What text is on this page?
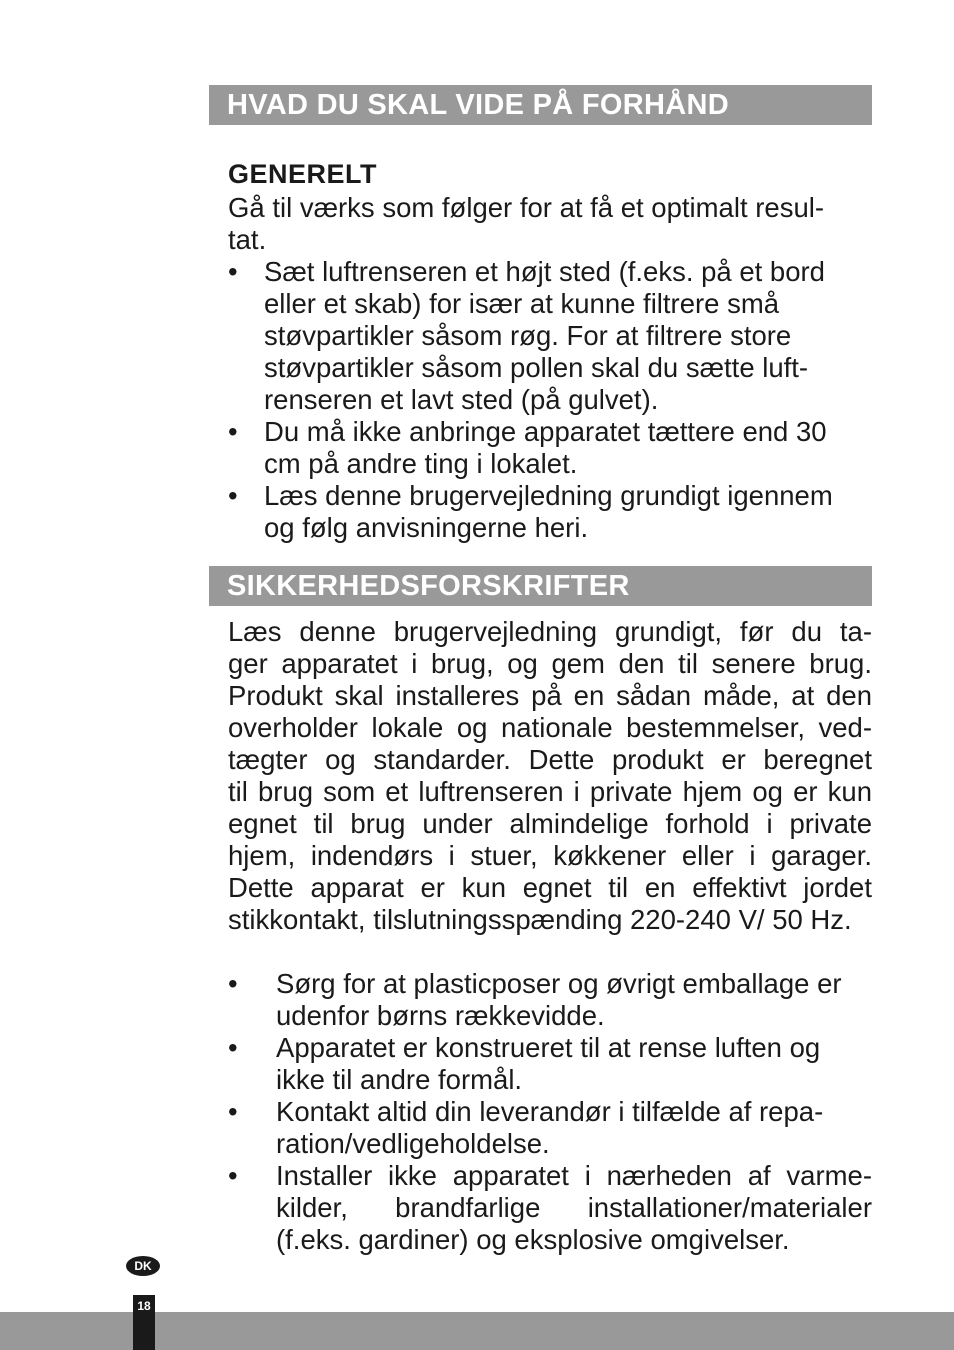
HVAD DU SKAL VIDE PÅ FORHÅND
GENERELT
Gå til værks som følger for at få et optimalt resul-
tat.
• Sæt luftrenseren et højt sted (f.eks. på et bord
eller et skab) for især at kunne filtrere små
støvpartikler såsom røg. For at filtrere store
støvpartikler såsom pollen skal du sætte luft-
renseren et lavt sted (på gulvet).
• Du må ikke anbringe apparatet tættere end 30
cm på andre ting i lokalet.
• Læs denne brugervejledning grundigt igennem
og følg anvisningerne heri.
SIKKERHEDSFORSKRIFTER
Læs denne brugervejledning grundigt, før du ta-
ger apparatet i brug, og gem den til senere brug.
Produkt skal installeres på en sådan måde, at den
overholder lokale og nationale bestemmelser, ved-
tægter og standarder. Dette produkt er beregnet
til brug som et luftrenseren i private hjem og er kun
egnet til brug under almindelige forhold i private
hjem, indendørs i stuer, køkkener eller i garager.
Dette apparat er kun egnet til en effektivt jordet
stikkontakt, tilslutningsspænding 220-240 V/ 50 Hz.
• Sørg for at plasticposer og øvrigt emballage er
udenfor børns rækkevidde.
• Apparatet er konstrueret til at rense luften og
ikke til andre formål.
• Kontakt altid din leverandør i tilfælde af repa-
ration/vedligeholdelse.
• Installer ikke apparatet i nærheden af varme-
kilder, brandfarlige installationer/materialer
(f.eks. gardiner) og eksplosive omgivelser.
DK
18
